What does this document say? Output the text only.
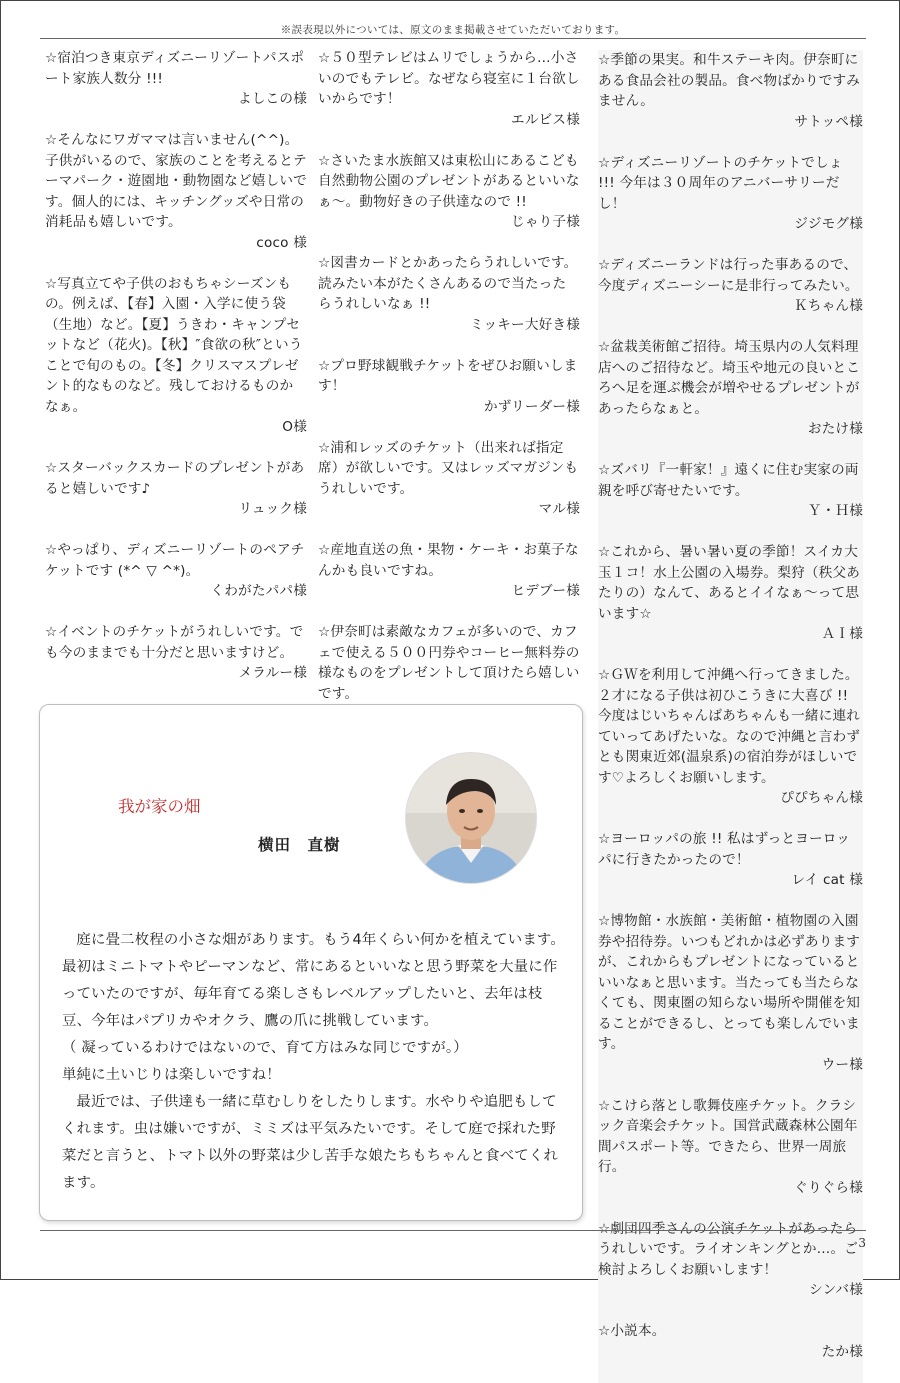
※誤表現以外については、原文のまま掲載させていただいております。
☆宿泊つき東京ディズニーリゾートパスポート家族人数分 !!!
よしこの様
☆そんなにワガママは言いません(^^)。子供がいるので、家族のことを考えるとテーマパーク・遊園地・動物園など嬉しいです。個人的には、キッチングッズや日常の消耗品も嬉しいです。
coco 様
☆写真立てや子供のおもちゃシーズンもの。例えば、【春】入園・入学に使う袋（生地）など。【夏】うきわ・キャンプセットなど（花火)。【秋】″食欲の秋″ということで旬のもの。【冬】クリスマスプレゼント的なものなど。残しておけるものかなぁ。
O様
☆スターバックスカードのプレゼントがあると嬉しいです♪
リュック様
☆やっぱり、ディズニーリゾートのペアチケットです (*^ ▽ ^*)。
くわがたパパ様
☆イベントのチケットがうれしいです。でも今のままでも十分だと思いますけど。
メラルー様
☆５０型テレビはムリでしょうから…小さいのでもテレビ。なぜなら寝室に１台欲しいからです！
エルビス様
☆さいたま水族館又は東松山にあるこども自然動物公園のプレゼントがあるといいなぁ〜。動物好きの子供達なので !!
じゃり子様
☆図書カードとかあったらうれしいです。読みたい本がたくさんあるので当たったらうれしいなぁ !!
ミッキー大好き様
☆プロ野球観戦チケットをぜひお願いします！
かずリーダー様
☆浦和レッズのチケット（出来れば指定席）が欲しいです。又はレッズマガジンもうれしいです。
マル様
☆産地直送の魚・果物・ケーキ・お菓子なんかも良いですね。
ヒデブー様
☆伊奈町は素敵なカフェが多いので、カフェで使える５００円券やコーヒー無料券の様なものをプレゼントして頂けたら嬉しいです。
☆季節の果実。和牛ステーキ肉。伊奈町にある食品会社の製品。食べ物ばかりですみません。
サトッペ様
☆ディズニーリゾートのチケットでしょ !!! 今年は３０周年のアニバーサリーだし！
ジジモグ様
☆ディズニーランドは行った事あるので、今度ディズニーシーに是非行ってみたい。
Ｋちゃん様
☆盆栽美術館ご招待。埼玉県内の人気料理店へのご招待など。埼玉や地元の良いところへ足を運ぶ機会が増やせるプレゼントがあったらなぁと。
おたけ様
☆ズバリ『一軒家！』遠くに住む実家の両親を呼び寄せたいです。
Ｙ・Ｈ様
☆これから、暑い暑い夏の季節！スイカ大玉１コ！水上公園の入場券。梨狩（秩父あたりの）なんて、あるとイイなぁ〜って思います☆
ＡＩ様
☆ＧＷを利用して沖縄へ行ってきました。２才になる子供は初ひこうきに大喜び !! 今度はじいちゃんばあちゃんも一緒に連れていってあげたいな。なので沖縄と言わずとも関東近郊(温泉系)の宿泊券がほしいです♡よろしくお願いします。
ぴぴちゃん様
☆ヨーロッパの旅 !! 私はずっとヨーロッパに行きたかったので！
レイ cat 様
☆博物館・水族館・美術館・植物園の入園券や招待券。いつもどれかは必ずありますが、これからもプレゼントになっているといいなぁと思います。当たっても当たらなくても、関東圏の知らない場所や開催を知ることができるし、とっても楽しんでいます。
ウー様
☆こけら落とし歌舞伎座チケット。クラシック音楽会チケット。国営武蔵森林公園年間パスポート等。できたら、世界一周旅行。
ぐりぐら様
☆劇団四季さんの公演チケットがあったらうれしいです。ライオンキングとか…。ご検討よろしくお願いします！
シンバ様
☆小説本。
たか様
我が家の畑
横田　直樹

庭に畳二枚程の小さな畑があります。もう4年くらい何かを植えています。最初はミニトマトやピーマンなど、常にあるといいなと思う野菜を大量に作っていたのですが、毎年育てる楽しさもレベルアップしたいと、去年は枝豆、今年はパプリカやオクラ、鷹の爪に挑戦しています。

（ 凝っているわけではないので、育て方はみな同じですが。）
単純に土いじりは楽しいですね！

最近では、子供達も一緒に草むしりをしたりします。水やりや追肥もしてくれます。虫は嫌いですが、ミミズは平気みたいです。そして庭で採れた野菜だと言うと、トマト以外の野菜は少し苦手な娘たちもちゃんと食べてくれます。

3
